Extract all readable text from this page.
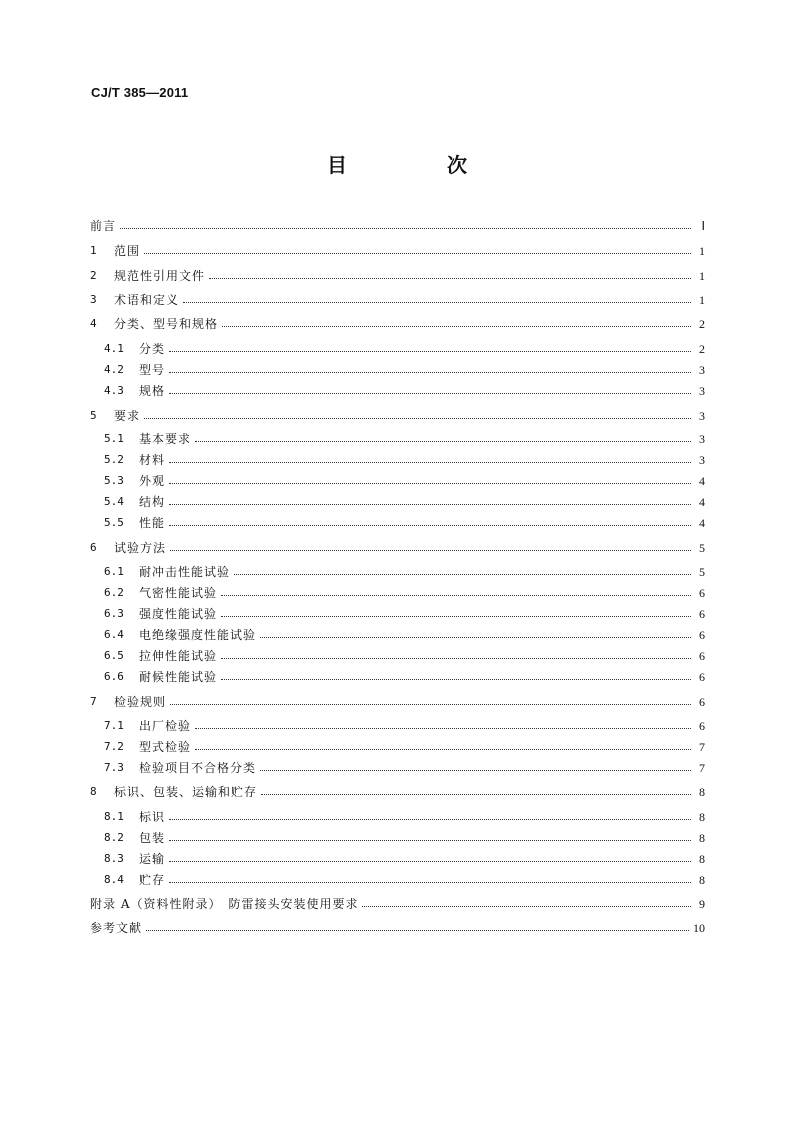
CJ/T 385—2011
目　次
前言	Ⅰ
1	范围	1
2	规范性引用文件	1
3	术语和定义	1
4	分类、型号和规格	2
4.1	分类	2
4.2	型号	3
4.3	规格	3
5	要求	3
5.1	基本要求	3
5.2	材料	3
5.3	外观	4
5.4	结构	4
5.5	性能	4
6	试验方法	5
6.1	耐冲击性能试验	5
6.2	气密性能试验	6
6.3	强度性能试验	6
6.4	电绝缘强度性能试验	6
6.5	拉伸性能试验	6
6.6	耐候性能试验	6
7	检验规则	6
7.1	出厂检验	6
7.2	型式检验	7
7.3	检验项目不合格分类	7
8	标识、包装、运输和贮存	8
8.1	标识	8
8.2	包装	8
8.3	运输	8
8.4	贮存	8
附录 A（资料性附录）　防雷接头安装使用要求	9
参考文献	10
